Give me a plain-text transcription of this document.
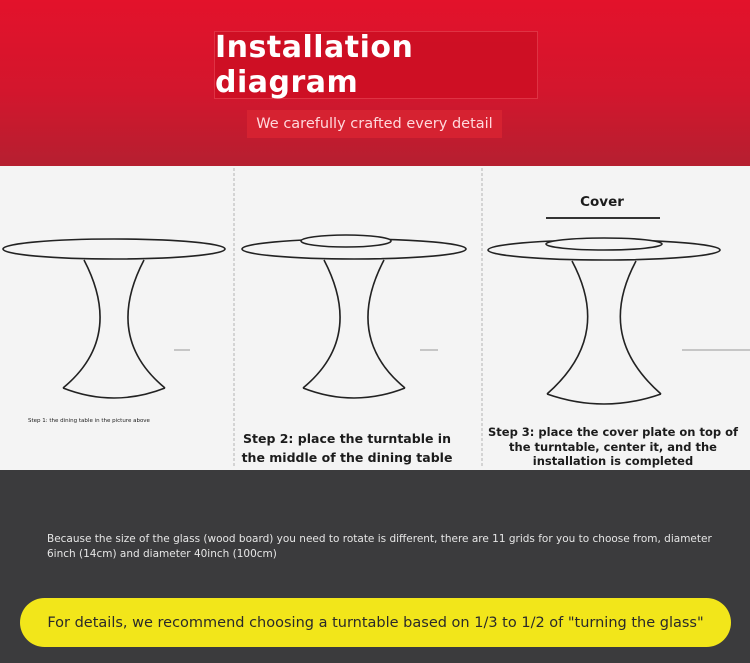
Installation diagram
We carefully crafted every detail
Cover
Step 1: the dining table in the picture above
Step 2: place the turntable in the middle of the dining table
Step 3: place the cover plate on top of the turntable, center it, and the installation is completed

Because the size of the glass (wood board) you need to rotate is different, there are 11 grids for you to choose from, diameter 6inch (14cm) and diameter 40inch (100cm)

For details, we recommend choosing a turntable based on 1/3 to 1/2 of "turning the glass"
